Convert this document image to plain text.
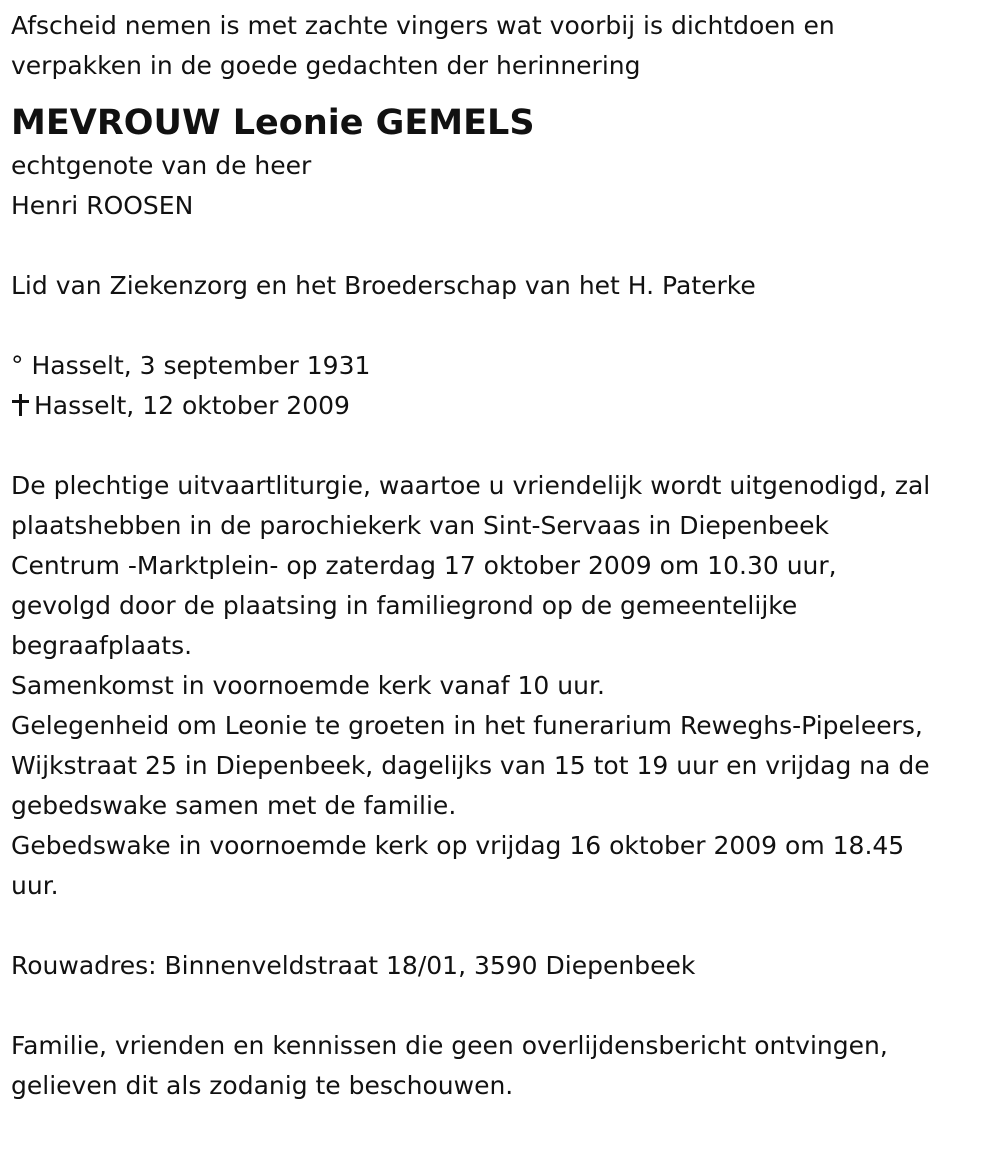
Afscheid nemen is met zachte vingers wat voorbij is dichtdoen en
verpakken in de goede gedachten der herinnering
MEVROUW Leonie GEMELS
echtgenote van de heer
Henri ROOSEN
Lid van Ziekenzorg en het Broederschap van het H. Paterke
° Hasselt, 3 september 1931
Hasselt, 12 oktober 2009
De plechtige uitvaartliturgie, waartoe u vriendelijk wordt uitgenodigd, zal
plaatshebben in de parochiekerk van Sint-Servaas in Diepenbeek
Centrum -Marktplein- op zaterdag 17 oktober 2009 om 10.30 uur,
gevolgd door de plaatsing in familiegrond op de gemeentelijke
begraafplaats.
Samenkomst in voornoemde kerk vanaf 10 uur.
Gelegenheid om Leonie te groeten in het funerarium Reweghs-Pipeleers,
Wijkstraat 25 in Diepenbeek, dagelijks van 15 tot 19 uur en vrijdag na de
gebedswake samen met de familie.
Gebedswake in voornoemde kerk op vrijdag 16 oktober 2009 om 18.45
uur.
Rouwadres: Binnenveldstraat 18/01, 3590 Diepenbeek
Familie, vrienden en kennissen die geen overlijdensbericht ontvingen,
gelieven dit als zodanig te beschouwen.
